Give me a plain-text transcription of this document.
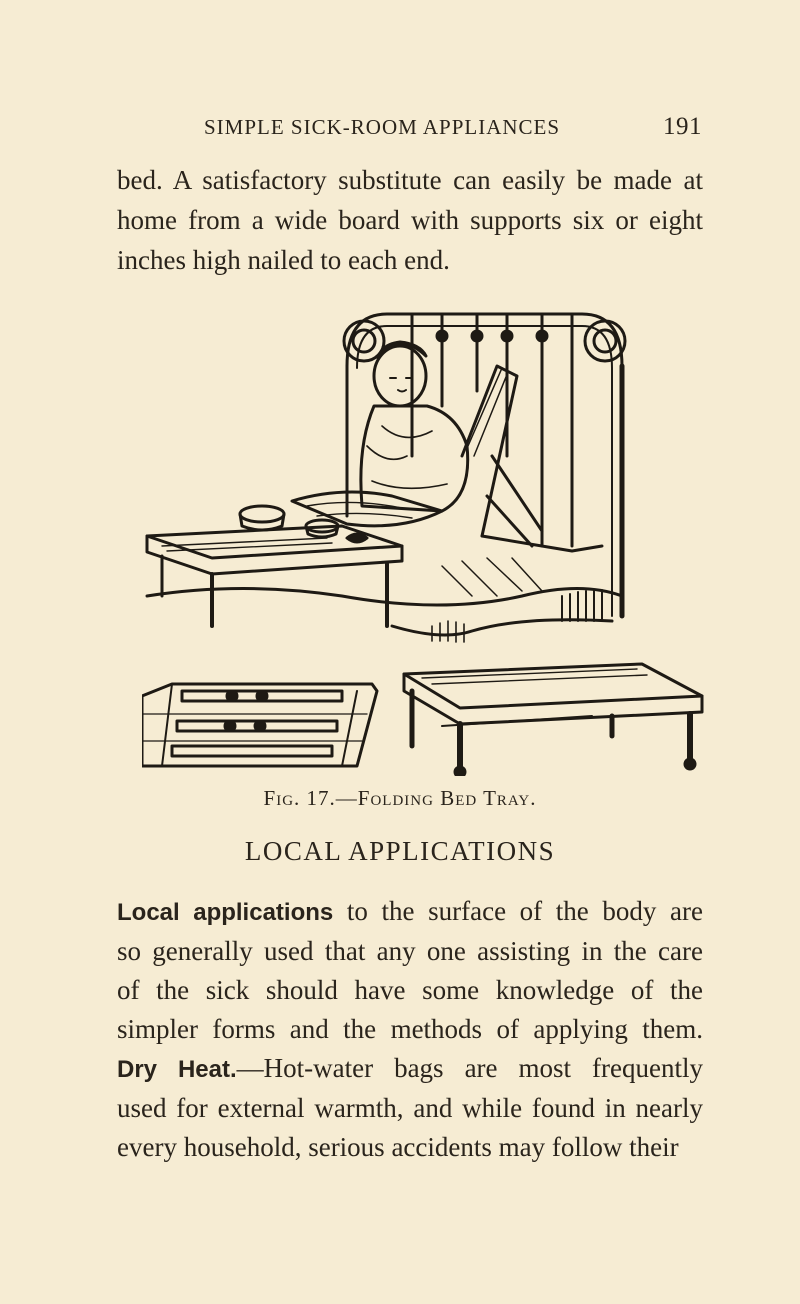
SIMPLE SICK-ROOM APPLIANCES	191

bed. A satisfactory substitute can easily be made at home from a wide board with supports six or eight inches high nailed to each end.

Fig. 17.—Folding Bed Tray.
LOCAL APPLICATIONS
Local applications to the surface of the body are
so generally used that any one assisting in the care
of the sick should have some knowledge of the
simpler forms and the methods of applying them.
Dry Heat.—Hot-water bags are most frequently
used for external warmth, and while found in nearly
every household, serious accidents may follow their
